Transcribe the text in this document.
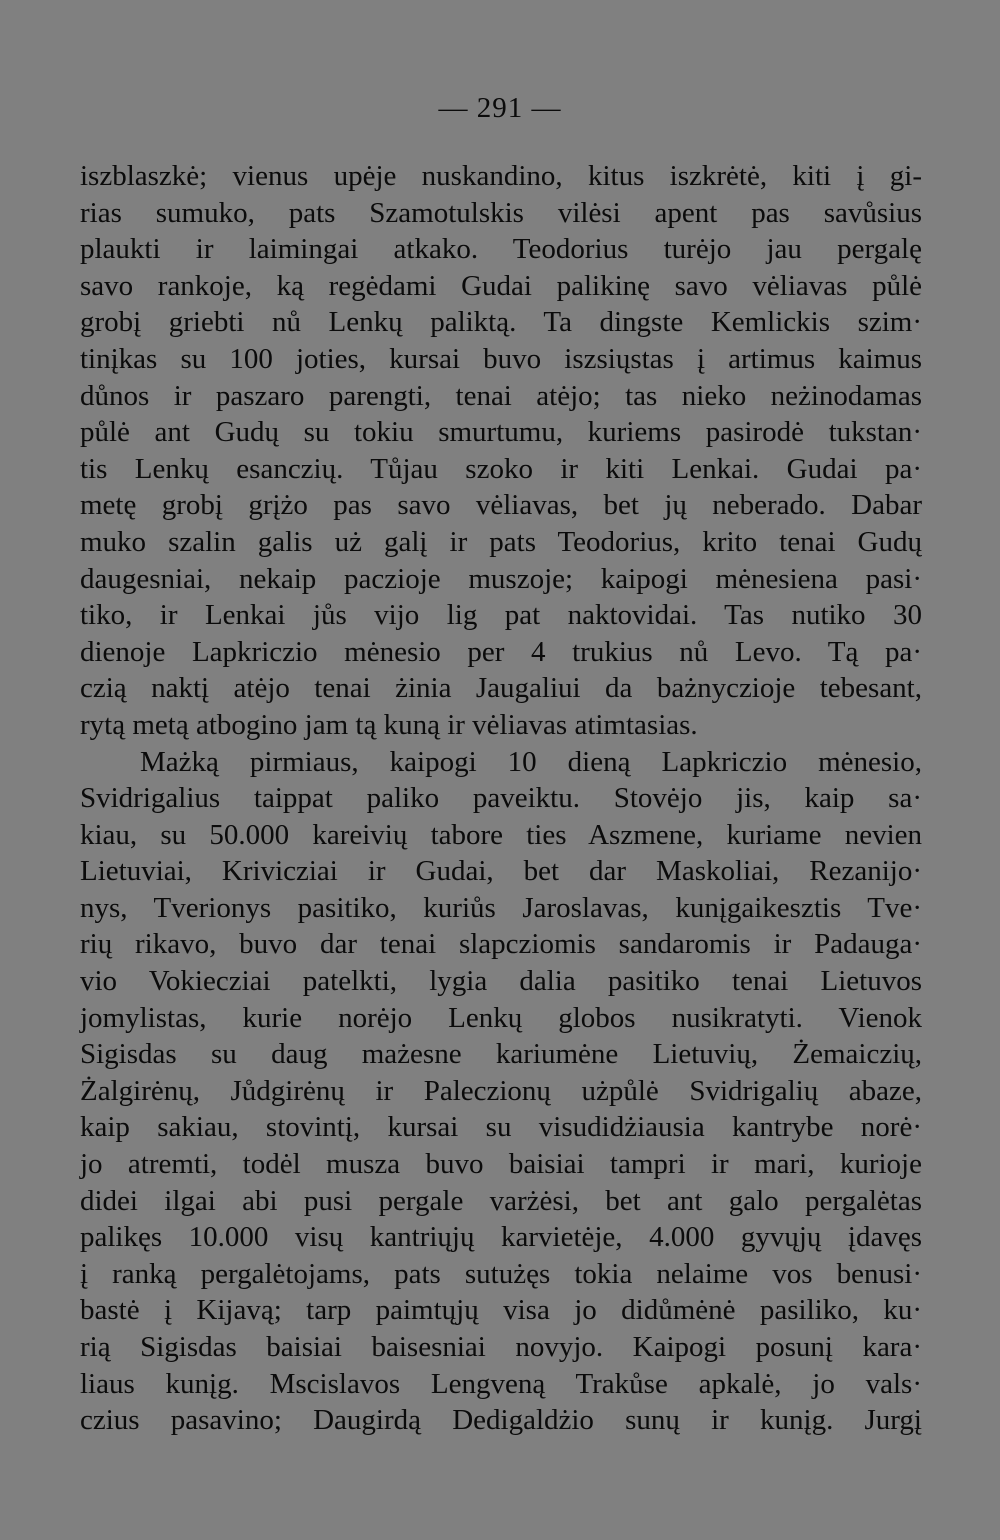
— 291 —
iszblaszkė; vienus upėje nuskandino, kitus iszkrėtė, kiti į gi-
rias sumuko, pats Szamotulskis vilėsi apent pas savůsius
plaukti ir laimingai atkako. Teodorius turėjo jau pergalę
savo rankoje, ką regėdami Gudai palikinę savo vėliavas půlė
grobį griebti nů Lenkų paliktą. Ta dingste Kemlickis szim·
tinįkas su 100 joties, kursai buvo iszsiųstas į artimus kaimus
důnos ir paszaro parengti, tenai atėjo; tas nieko neżinodamas
půlė ant Gudų su tokiu smurtumu, kuriems pasirodė tukstan·
tis Lenkų esanczių. Tůjau szoko ir kiti Lenkai. Gudai pa·
metę grobį grįżo pas savo vėliavas, bet jų neberado. Dabar
muko szalin galis uż galį ir pats Teodorius, krito tenai Gudų
daugesniai, nekaip paczioje muszoje; kaipogi mėnesiena pasi·
tiko, ir Lenkai jůs vijo lig pat naktovidai. Tas nutiko 30
dienoje Lapkriczio mėnesio per 4 trukius nů Levo. Tą pa·
czią naktį atėjo tenai żinia Jaugaliui da bażnyczioje tebesant,
rytą metą atbogino jam tą kuną ir vėliavas atimtasias.
Mażką pirmiaus, kaipogi 10 dieną Lapkriczio mėnesio,
Svidrigalius taippat paliko paveiktu. Stovėjo jis, kaip sa·
kiau, su 50.000 kareivių tabore ties Aszmene, kuriame nevien
Lietuviai, Krivicziai ir Gudai, bet dar Maskoliai, Rezanijo·
nys, Tverionys pasitiko, kuriůs Jaroslavas, kunįgaikesztis Tve·
rių rikavo, buvo dar tenai slapcziomis sandaromis ir Padauga·
vio Vokiecziai patelkti, lygia dalia pasitiko tenai Lietuvos
jomylistas, kurie norėjo Lenkų globos nusikratyti. Vienok
Sigisdas su daug mażesne kariumėne Lietuvių, Żemaiczių,
Żalgirėnų, Jůdgirėnų ir Paleczionų użpůlė Svidrigalių abaze,
kaip sakiau, stovintį, kursai su visudidżiausia kantrybe norė·
jo atremti, todėl musza buvo baisiai tampri ir mari, kurioje
didei ilgai abi pusi pergale varżėsi, bet ant galo pergalėtas
palikęs 10.000 visų kantriųjų karvietėje, 4.000 gyvųjų įdavęs
į ranką pergalėtojams, pats sutużęs tokia nelaime vos benusi·
bastė į Kijavą; tarp paimtųjų visa jo didůmėnė pasiliko, ku·
rią Sigisdas baisiai baisesniai novyjo. Kaipogi posunį kara·
liaus kunįg. Mscislavos Lengveną Trakůse apkalė, jo vals·
czius pasavino; Daugirdą Dedigaldżio sunų ir kunįg. Jurgį
